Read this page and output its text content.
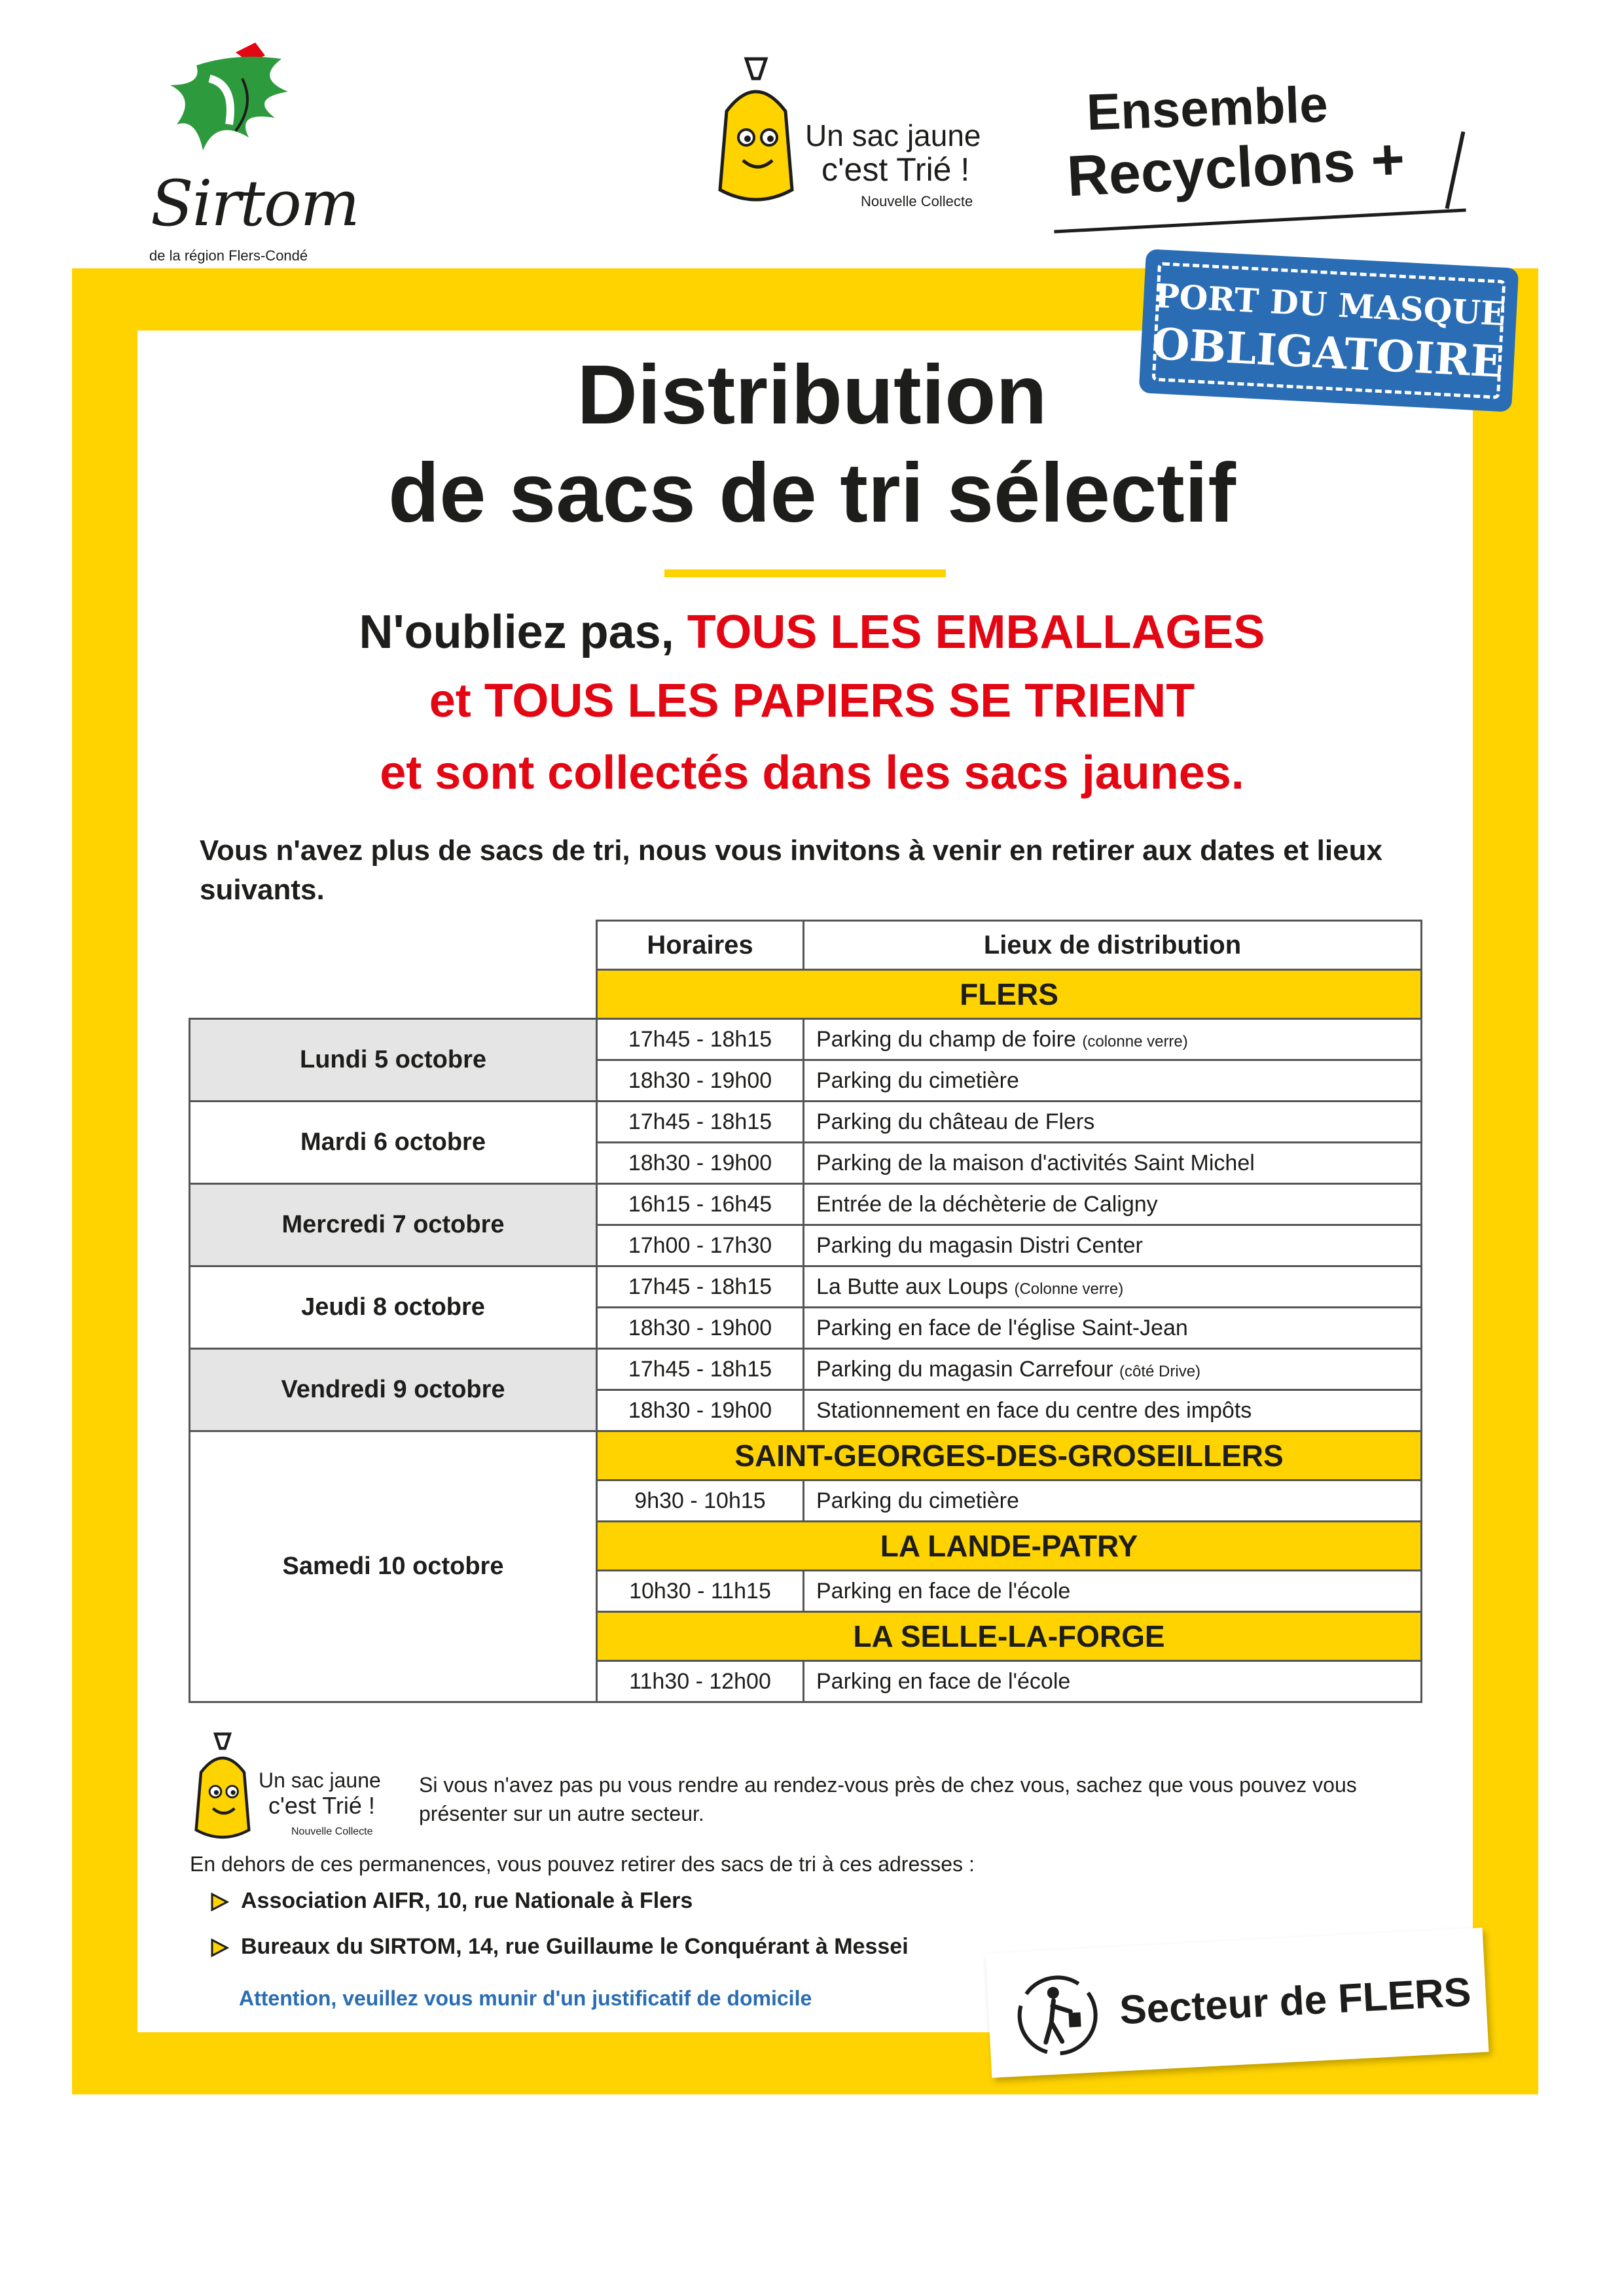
Sirtom
de la région Flers-Condé
Un sac jaune
c'est Trié !
Nouvelle Collecte
Ensemble
Recyclons +
PORT DU MASQUE
OBLIGATOIRE
Distribution
de sacs de tri sélectif
N'oubliez pas, TOUS LES EMBALLAGES
et TOUS LES PAPIERS SE TRIENT
et sont collectés dans les sacs jaunes.
Vous n'avez plus de sacs de tri, nous vous invitons à venir en retirer aux dates et lieux suivants.
	Horaires	Lieux de distribution
	FLERS	
Lundi 5 octobre	17h45 - 18h15	Parking du champ de foire (colonne verre)
	18h30 - 19h00	Parking du cimetière
Mardi 6 octobre	17h45 - 18h15	Parking du château de Flers
	18h30 - 19h00	Parking de la maison d'activités Saint Michel
Mercredi 7 octobre	16h15 - 16h45	Entrée de la déchèterie de Caligny
	17h00 - 17h30	Parking du magasin Distri Center
Jeudi 8 octobre	17h45 - 18h15	La Butte aux Loups (Colonne verre)
	18h30 - 19h00	Parking en face de l'église Saint-Jean
Vendredi 9 octobre	17h45 - 18h15	Parking du magasin Carrefour (côté Drive)
	18h30 - 19h00	Stationnement en face du centre des impôts
Samedi 10 octobre	SAINT-GEORGES-DES-GROSEILLERS	
	9h30 - 10h15	Parking du cimetière
	LA LANDE-PATRY	
	10h30 - 11h15	Parking en face de l'école
	LA SELLE-LA-FORGE	
	11h30 - 12h00	Parking en face de l'école
Un sac jaune
c'est Trié !
Nouvelle Collecte
Si vous n'avez pas pu vous rendre au rendez-vous près de chez vous, sachez que vous pouvez vous présenter sur un autre secteur.
En dehors de ces permanences, vous pouvez retirer des sacs de tri à ces adresses :
Association AIFR, 10, rue Nationale à Flers
Bureaux du SIRTOM, 14, rue Guillaume le Conquérant à Messei
Attention, veuillez vous munir d'un justificatif de domicile	Secteur de FLERS
